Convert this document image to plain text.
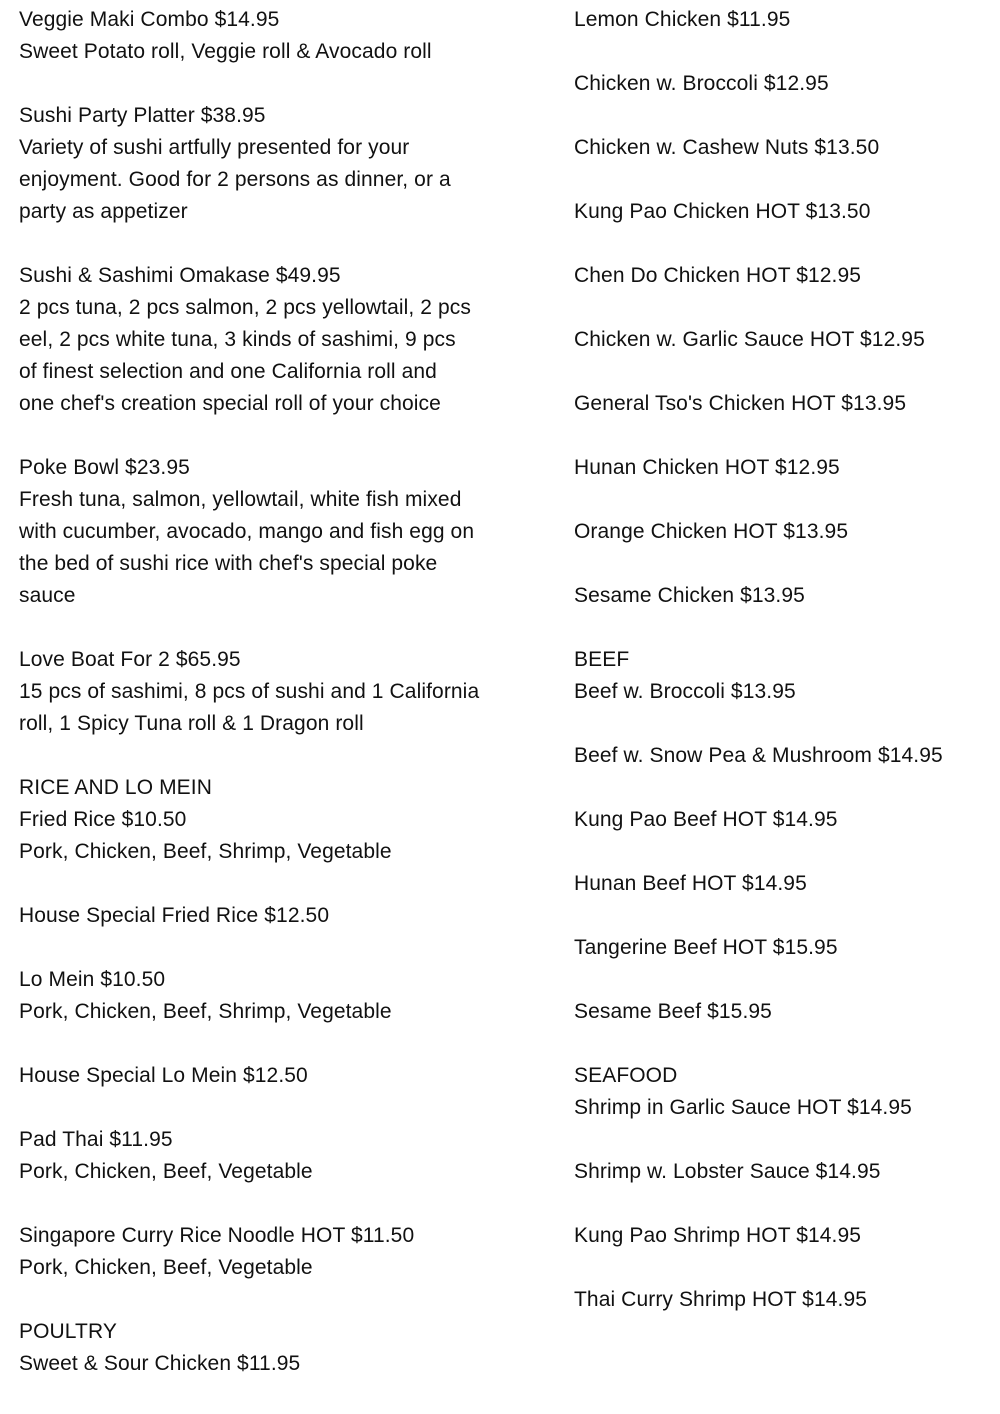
Veggie Maki Combo $14.95
Sweet Potato roll, Veggie roll & Avocado roll
Sushi Party Platter $38.95
Variety of sushi artfully presented for your
enjoyment. Good for 2 persons as dinner, or a
party as appetizer
Sushi & Sashimi Omakase $49.95
2 pcs tuna, 2 pcs salmon, 2 pcs yellowtail, 2 pcs
eel, 2 pcs white tuna, 3 kinds of sashimi, 9 pcs
of finest selection and one California roll and
one chef's creation special roll of your choice
Poke Bowl $23.95
Fresh tuna, salmon, yellowtail, white fish mixed
with cucumber, avocado, mango and fish egg on
the bed of sushi rice with chef's special poke
sauce
Love Boat For 2 $65.95
15 pcs of sashimi, 8 pcs of sushi and 1 California
roll, 1 Spicy Tuna roll & 1 Dragon roll
RICE AND LO MEIN
Fried Rice $10.50
Pork, Chicken, Beef, Shrimp, Vegetable
House Special Fried Rice $12.50
Lo Mein $10.50
Pork, Chicken, Beef, Shrimp, Vegetable
House Special Lo Mein $12.50
Pad Thai $11.95
Pork, Chicken, Beef, Vegetable
Singapore Curry Rice Noodle HOT $11.50
Pork, Chicken, Beef, Vegetable
POULTRY
Sweet & Sour Chicken $11.95
Lemon Chicken $11.95
Chicken w. Broccoli $12.95
Chicken w. Cashew Nuts $13.50
Kung Pao Chicken HOT $13.50
Chen Do Chicken HOT $12.95
Chicken w. Garlic Sauce HOT $12.95
General Tso's Chicken HOT $13.95
Hunan Chicken HOT $12.95
Orange Chicken HOT $13.95
Sesame Chicken $13.95
BEEF
Beef w. Broccoli $13.95
Beef w. Snow Pea & Mushroom $14.95
Kung Pao Beef HOT $14.95
Hunan Beef HOT $14.95
Tangerine Beef HOT $15.95
Sesame Beef $15.95
SEAFOOD
Shrimp in Garlic Sauce HOT $14.95
Shrimp w. Lobster Sauce $14.95
Kung Pao Shrimp HOT $14.95
Thai Curry Shrimp HOT $14.95
